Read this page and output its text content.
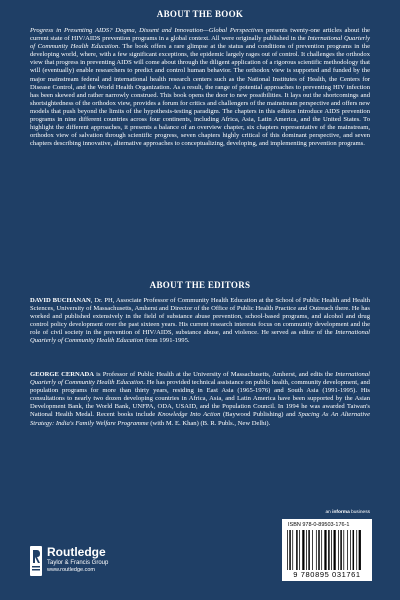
ABOUT THE BOOK

Progress in Presenting AIDS? Dogma, Dissent and Innovation—Global Perspectives presents twenty-one articles about the current state of HIV/AIDS prevention programs in a global context. All were originally published in the International Quarterly of Community Health Education. The book offers a rare glimpse at the status and conditions of prevention programs in the developing world, where, with a few significant exceptions, the epidemic largely rages out of control. It challenges the orthodox view that progress in preventing AIDS will come about through the diligent application of a rigorous scientific methodology that will (eventually) enable researchers to predict and control human behavior. The orthodox view is supported and funded by the major mainstream federal and international health research centers such as the National Institutes of Health, the Centers for Disease Control, and the World Health Organization. As a result, the range of potential approaches to preventing HIV infection has been skewed and rather narrowly construed. This book opens the door to new possibilities. It lays out the shortcomings and shortsightedness of the orthodox view, provides a forum for critics and challengers of the mainstream perspective and offers new models that push beyond the limits of the hypothesis-testing paradigm. The chapters in this edition introduce AIDS prevention programs in nine different countries across four continents, including Africa, Asia, Latin America, and the United States. To highlight the different approaches, it presents a balance of an overview chapter, six chapters representative of the mainstream, orthodox view of salvation through scientific progress, seven chapters highly critical of this dominant perspective, and seven chapters describing innovative, alternative approaches to conceptualizing, developing, and implementing prevention programs.

ABOUT THE EDITORS

DAVID BUCHANAN, Dr. PH, Associate Professor of Community Health Education at the School of Public Health and Health Sciences, University of Massachusetts, Amherst and Director of the Office of Public Health Practice and Outreach there. He has worked and published extensively in the field of substance abuse prevention, school-based programs, and alcohol and drug control policy development over the past sixteen years. His current research interests focus on community development and the role of civil society in the prevention of HIV/AIDS, substance abuse, and violence. He served as editor of the International Quarterly of Community Health Education from 1991-1995.

GEORGE CERNADA is Professor of Public Health at the University of Massachusetts, Amherst, and edits the International Quarterly of Community Health Education. He has provided technical assistance on public health, community development, and population programs for more than thirty years, residing in East Asia (1965-1976) and South Asia (1991-1995). His consultations to nearly two dozen developing countries in Africa, Asia, and Latin America have been supported by the Asian Development Bank, the World Bank, UNFPA, ODA, USAID, and the Population Council. In 1994 he was awarded Taiwan's National Health Medal. Recent books include Knowledge Into Action (Baywood Publishing) and Spacing As An Alternative Strategy: India's Family Welfare Programme (with M. E. Khan) (B. R. Publs., New Delhi).

Routledge
Taylor & Francis Group
www.routledge.com
an informa business
ISBN 978-0-89503-176-1
9 780895 031761
